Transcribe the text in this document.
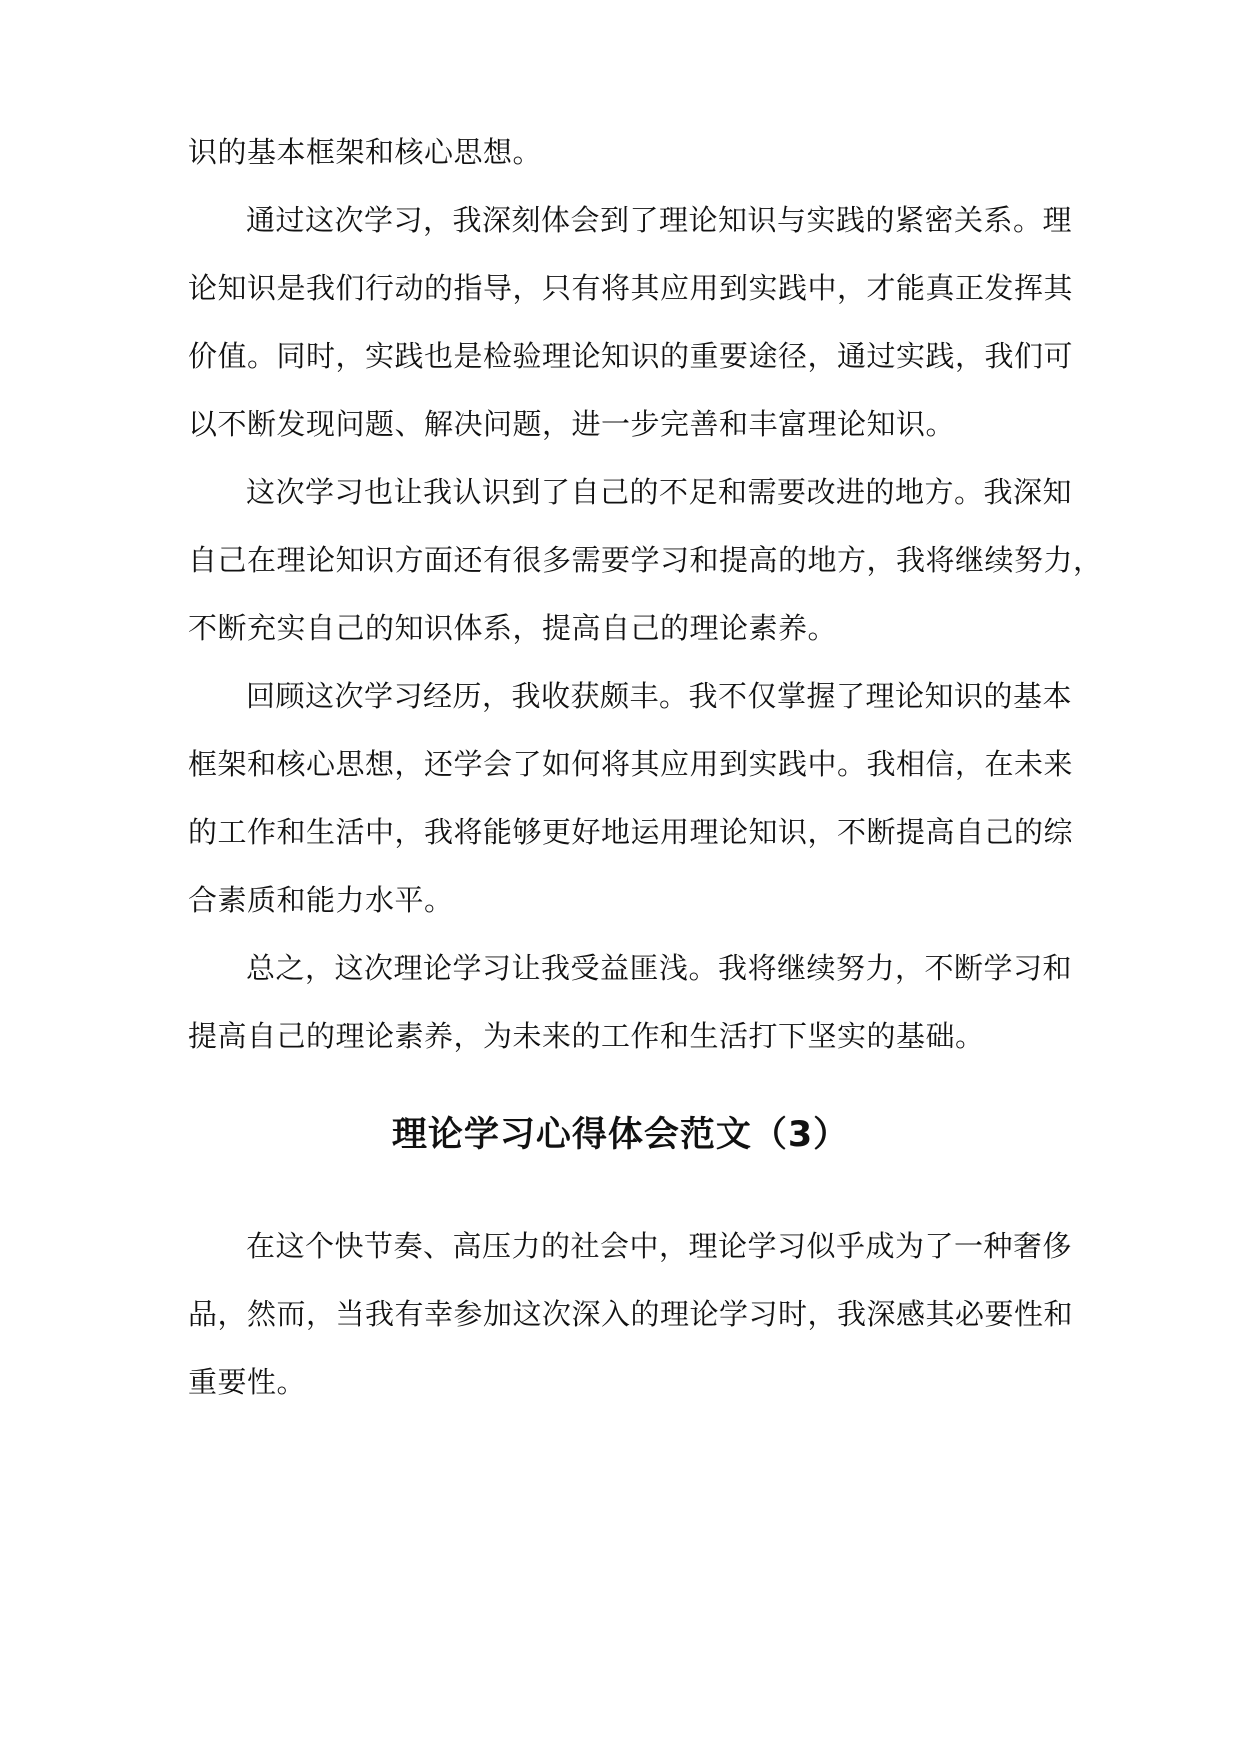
识的基本框架和核心思想。
通过这次学习，我深刻体会到了理论知识与实践的紧密关系。理
论知识是我们行动的指导，只有将其应用到实践中，才能真正发挥其
价值。同时，实践也是检验理论知识的重要途径，通过实践，我们可
以不断发现问题、解决问题，进一步完善和丰富理论知识。
这次学习也让我认识到了自己的不足和需要改进的地方。我深知
自己在理论知识方面还有很多需要学习和提高的地方，我将继续努力，
不断充实自己的知识体系，提高自己的理论素养。
回顾这次学习经历，我收获颇丰。我不仅掌握了理论知识的基本
框架和核心思想，还学会了如何将其应用到实践中。我相信，在未来
的工作和生活中，我将能够更好地运用理论知识，不断提高自己的综
合素质和能力水平。
总之，这次理论学习让我受益匪浅。我将继续努力，不断学习和
提高自己的理论素养，为未来的工作和生活打下坚实的基础。
理论学习心得体会范文（3）
在这个快节奏、高压力的社会中，理论学习似乎成为了一种奢侈
品，然而，当我有幸参加这次深入的理论学习时，我深感其必要性和
重要性。
